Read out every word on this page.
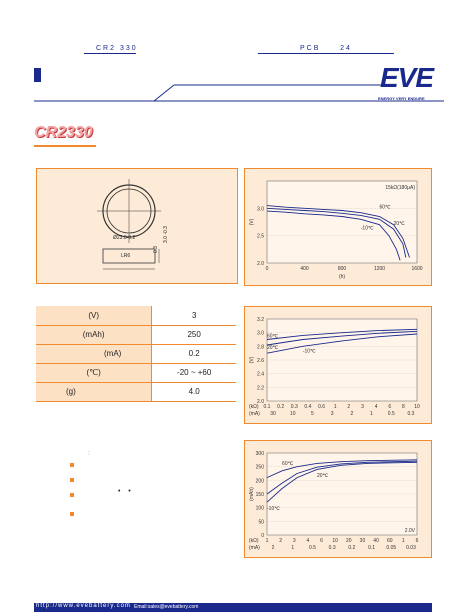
CR2 330	PCB     24
EVE
ENERGY VERY ENDURE
CR2330
Ø23.0-0.2
LR6
3.0 -0.3
0.3
(V)	3
(mAh)	250
(mA)	0.2
(℃)	-20 ~ +60
(g)	4.0
:
•    •
2.0
2.5
3.0
0	400	800	1200	1600
(V)
(h)
15kΩ(180μA)
60℃
20℃
-10℃
2.0
2.2
2.4
2.6
2.8
3.0
3.2
0.1 0.2 0.3 0.4 0.6 1 2 3 4 6 8 10
30	10	5	3	2	1	0.5	0.3
(V)
(kΩ)
(mA)
60℃
20℃
-10℃
0
50
100
150
200
250
300
1 2 3 4 6 10 20 30 40 60 1 6
2	1	0.5	0.3	0.2	0.1 0.05 0.03
(mAh)
(kΩ)
(mA)
2.0V
60℃
20℃
-10℃
http://www.evebattery.com Email:sales@evebattery.com
